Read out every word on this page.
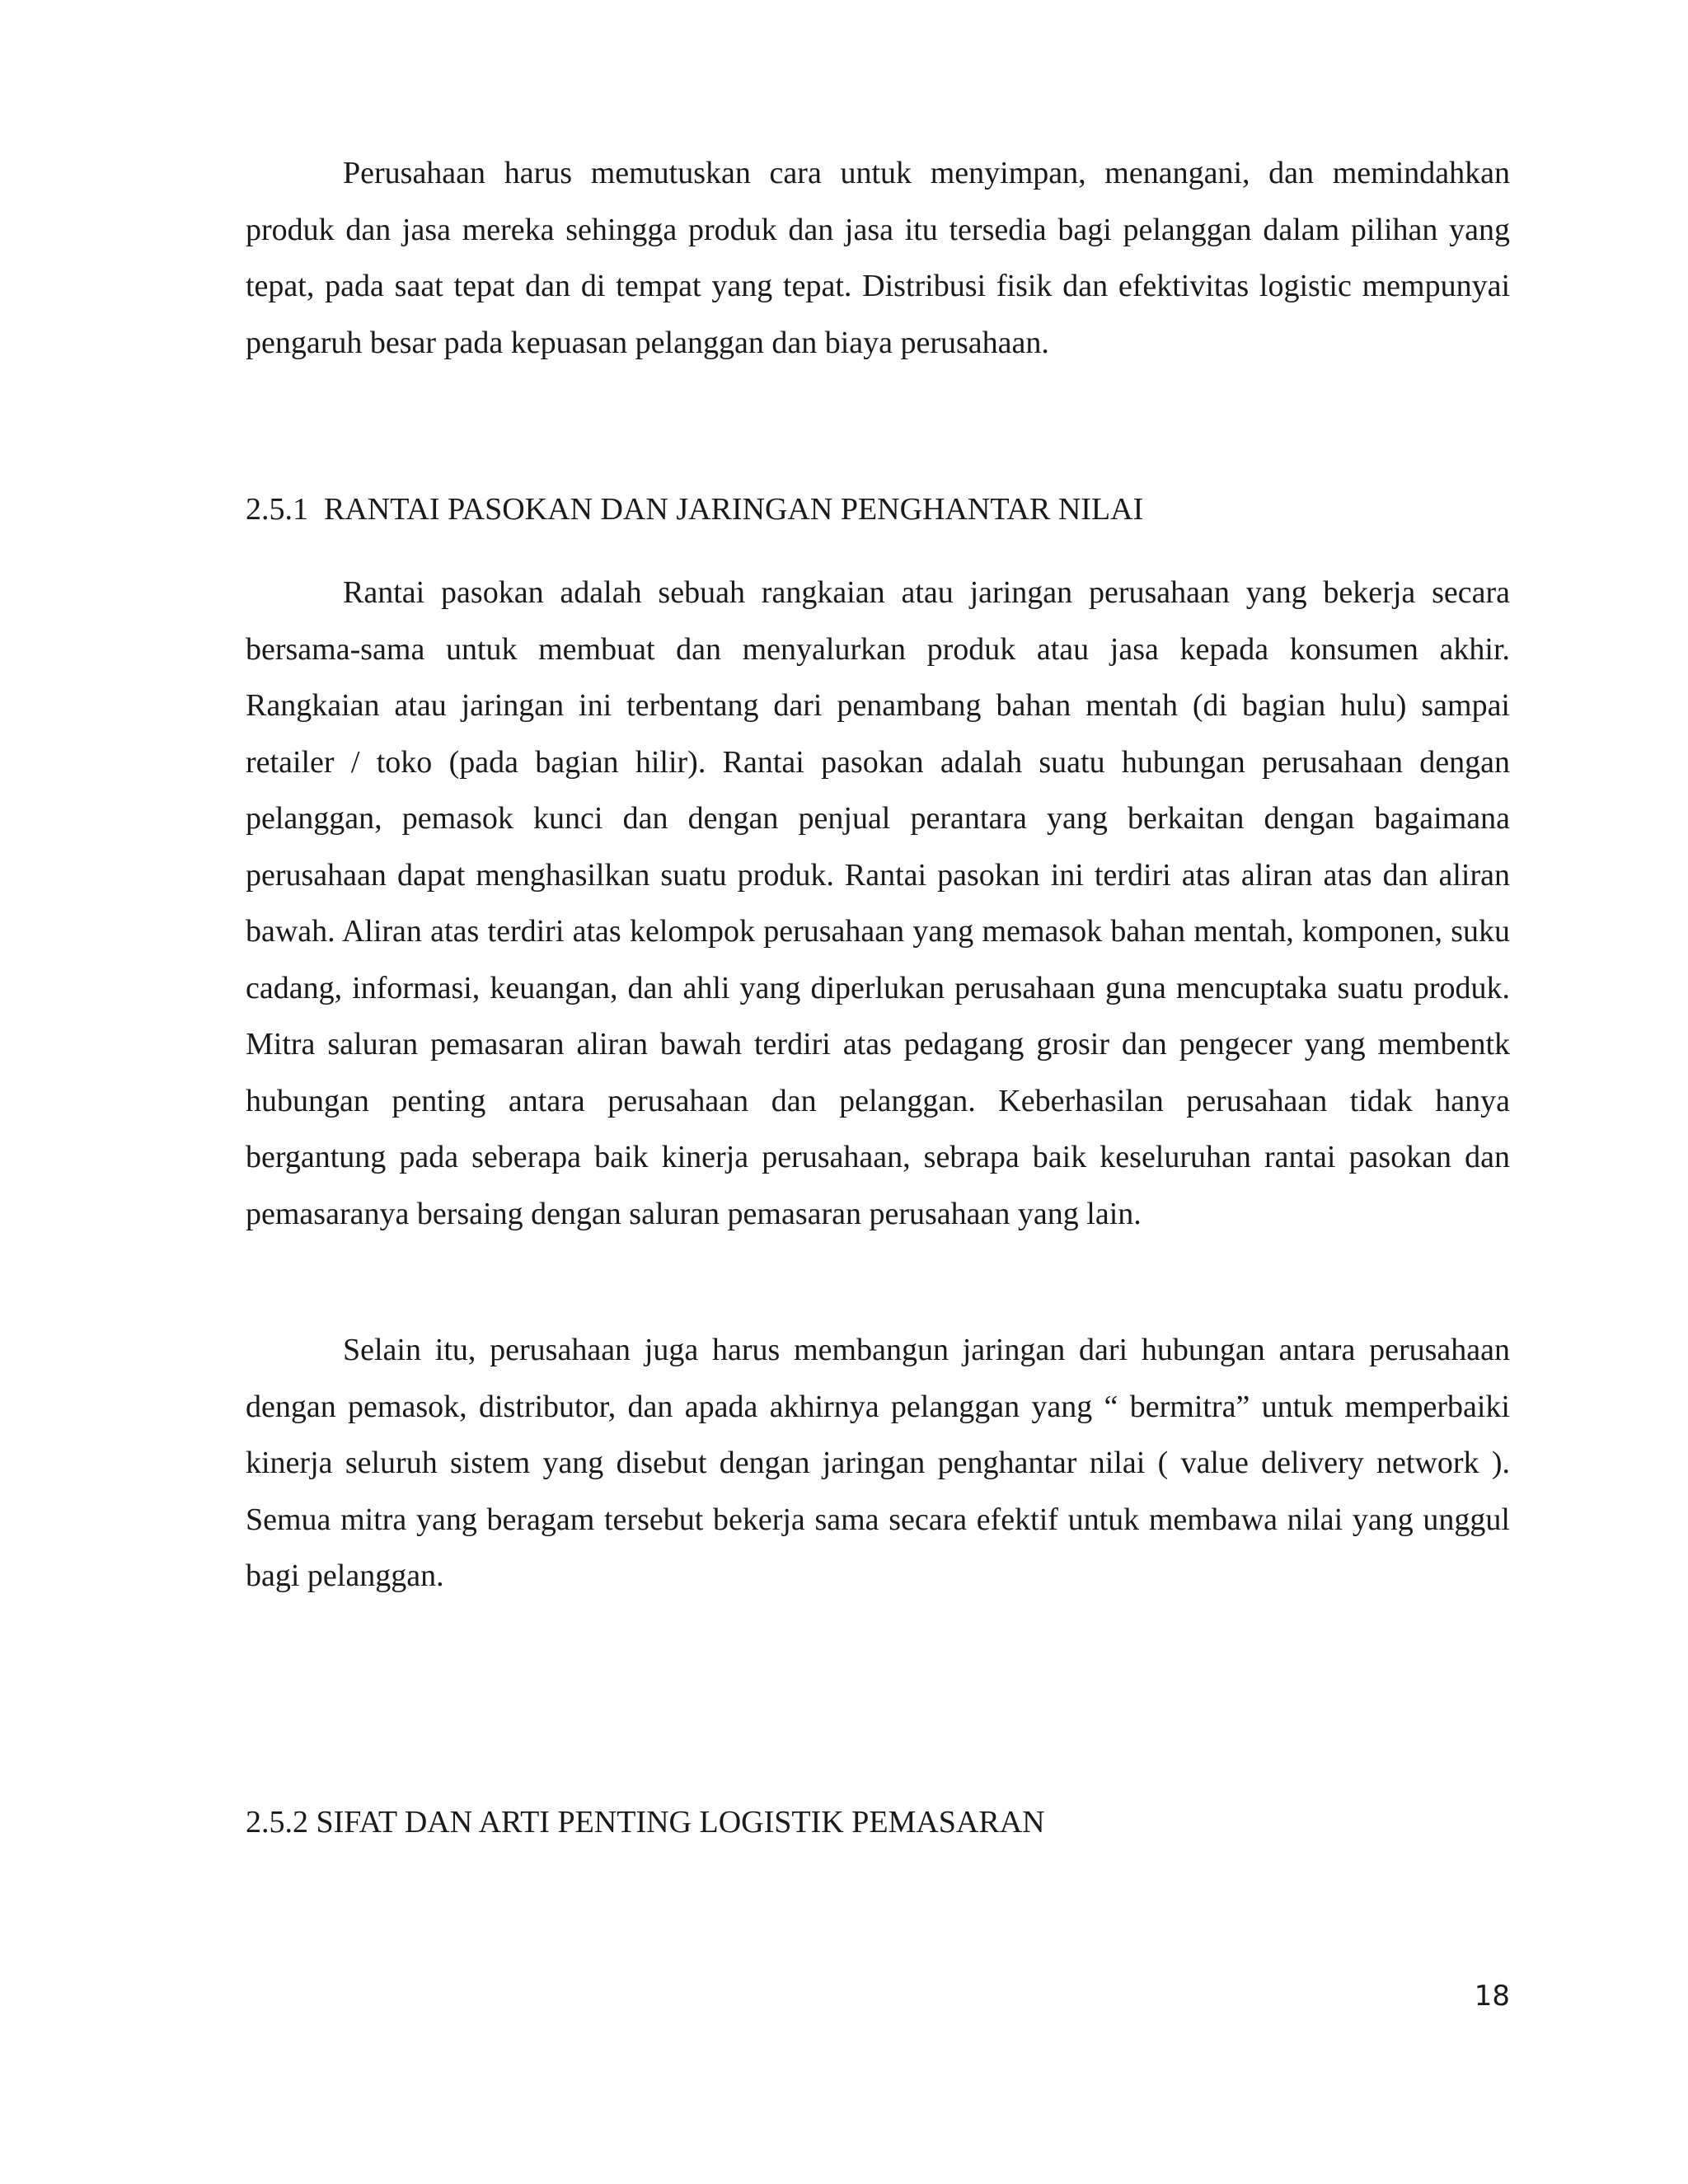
Perusahaan harus memutuskan cara untuk menyimpan, menangani, dan memindahkan produk dan jasa mereka sehingga produk dan jasa itu tersedia bagi pelanggan dalam pilihan yang tepat, pada saat tepat dan di tempat yang tepat. Distribusi fisik dan efektivitas logistic mempunyai pengaruh besar pada kepuasan pelanggan dan biaya perusahaan.

2.5.1  RANTAI PASOKAN DAN JARINGAN PENGHANTAR NILAI

Rantai pasokan adalah sebuah rangkaian atau jaringan perusahaan yang bekerja secara bersama-sama untuk membuat dan menyalurkan produk atau jasa kepada konsumen akhir. Rangkaian atau jaringan ini terbentang dari penambang bahan mentah (di bagian hulu) sampai retailer / toko (pada bagian hilir). Rantai pasokan adalah suatu hubungan perusahaan dengan pelanggan, pemasok kunci dan dengan penjual perantara yang berkaitan dengan bagaimana perusahaan dapat menghasilkan suatu produk. Rantai pasokan ini terdiri atas aliran atas dan aliran bawah. Aliran atas terdiri atas kelompok perusahaan yang memasok bahan mentah, komponen, suku cadang, informasi, keuangan, dan ahli yang diperlukan perusahaan guna mencuptaka suatu produk. Mitra saluran pemasaran aliran bawah terdiri atas pedagang grosir dan pengecer yang membentk hubungan penting antara perusahaan dan pelanggan. Keberhasilan perusahaan tidak hanya bergantung pada seberapa baik kinerja perusahaan, sebrapa baik keseluruhan rantai pasokan dan pemasaranya bersaing dengan saluran pemasaran perusahaan yang lain.

Selain itu, perusahaan juga harus membangun jaringan dari hubungan antara perusahaan dengan pemasok, distributor, dan apada akhirnya pelanggan yang “ bermitra” untuk memperbaiki kinerja seluruh sistem yang disebut dengan jaringan penghantar nilai ( value delivery network ). Semua mitra yang beragam tersebut bekerja sama secara efektif untuk membawa nilai yang unggul bagi pelanggan.

2.5.2 SIFAT DAN ARTI PENTING LOGISTIK PEMASARAN

18
